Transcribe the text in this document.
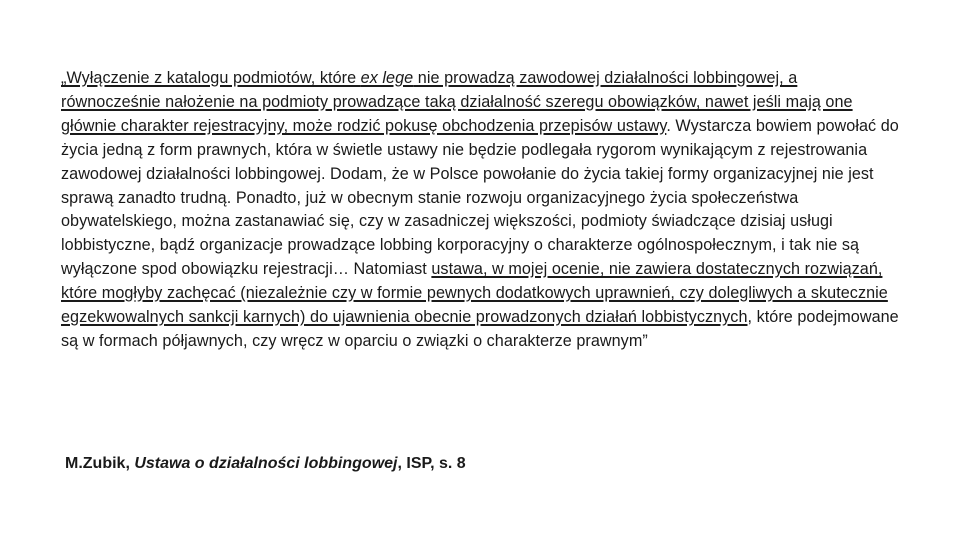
„Wyłączenie z katalogu podmiotów, które ex lege nie prowadzą zawodowej działalności lobbingowej, a równocześnie nałożenie na podmioty prowadzące taką działalność szeregu obowiązków, nawet jeśli mają one głównie charakter rejestracyjny, może rodzić pokusę obchodzenia przepisów ustawy. Wystarcza bowiem powołać do życia jedną z form prawnych, która w świetle ustawy nie będzie podlegała rygorom wynikającym z rejestrowania zawodowej działalności lobbingowej. Dodam, że w Polsce powołanie do życia takiej formy organizacyjnej nie jest sprawą zanadto trudną. Ponadto, już w obecnym stanie rozwoju organizacyjnego życia społeczeństwa obywatelskiego, można zastanawiać się, czy w zasadniczej większości, podmioty świadczące dzisiaj usługi lobbistyczne, bądź organizacje prowadzące lobbing korporacyjny o charakterze ogólnospołecznym, i tak nie są wyłączone spod obowiązku rejestracji… Natomiast ustawa, w mojej ocenie, nie zawiera dostatecznych rozwiązań, które mogłyby zachęcać (niezależnie czy w formie pewnych dodatkowych uprawnień, czy dolegliwych a skutecznie egzekwowalnych sankcji karnych) do ujawnienia obecnie prowadzonych działań lobbistycznych, które podejmowane są w formach półjawnych, czy wręcz w oparciu o związki o charakterze prawnym”

M.Zubik, Ustawa o działalności lobbingowej, ISP, s. 8
